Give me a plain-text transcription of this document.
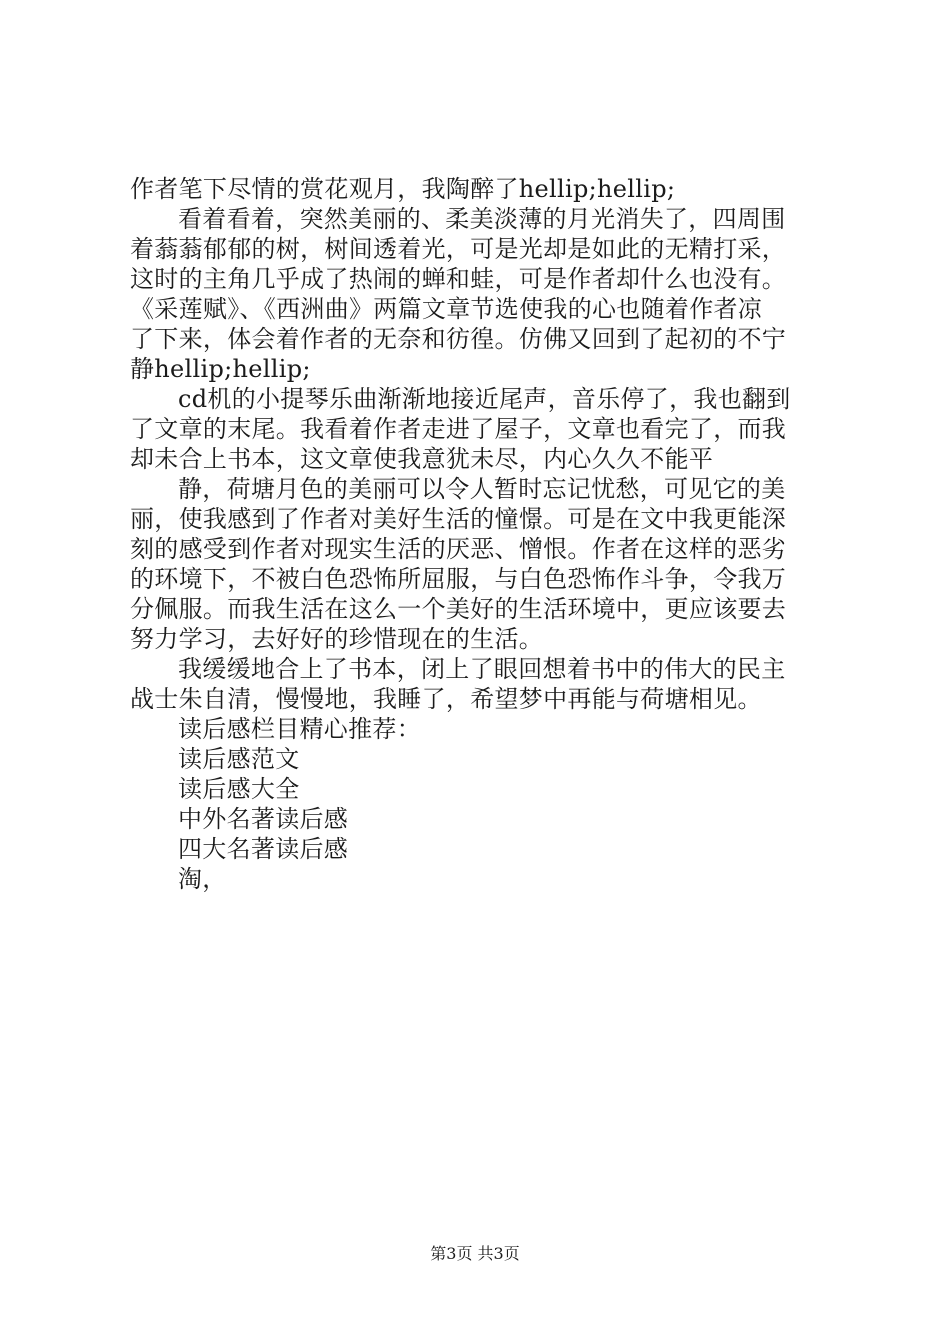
作者笔下尽情的赏花观月，我陶醉了hellip;hellip;
看着看着，突然美丽的、柔美淡薄的月光消失了，四周围
着蓊蓊郁郁的树，树间透着光，可是光却是如此的无精打采，
这时的主角几乎成了热闹的蝉和蛙，可是作者却什么也没有。
《采莲赋》、《西洲曲》两篇文章节选使我的心也随着作者凉
了下来，体会着作者的无奈和彷徨。仿佛又回到了起初的不宁
静hellip;hellip;
cd机的小提琴乐曲渐渐地接近尾声，音乐停了，我也翻到
了文章的末尾。我看着作者走进了屋子，文章也看完了，而我
却未合上书本，这文章使我意犹未尽，内心久久不能平
静，荷塘月色的美丽可以令人暂时忘记忧愁，可见它的美
丽，使我感到了作者对美好生活的憧憬。可是在文中我更能深
刻的感受到作者对现实生活的厌恶、憎恨。作者在这样的恶劣
的环境下，不被白色恐怖所屈服，与白色恐怖作斗争，令我万
分佩服。而我生活在这么一个美好的生活环境中，更应该要去
努力学习，去好好的珍惜现在的生活。
我缓缓地合上了书本，闭上了眼回想着书中的伟大的民主
战士朱自清，慢慢地，我睡了，希望梦中再能与荷塘相见。
读后感栏目精心推荐：
读后感范文
读后感大全
中外名著读后感
四大名著读后感
淘，
第3页 共3页
